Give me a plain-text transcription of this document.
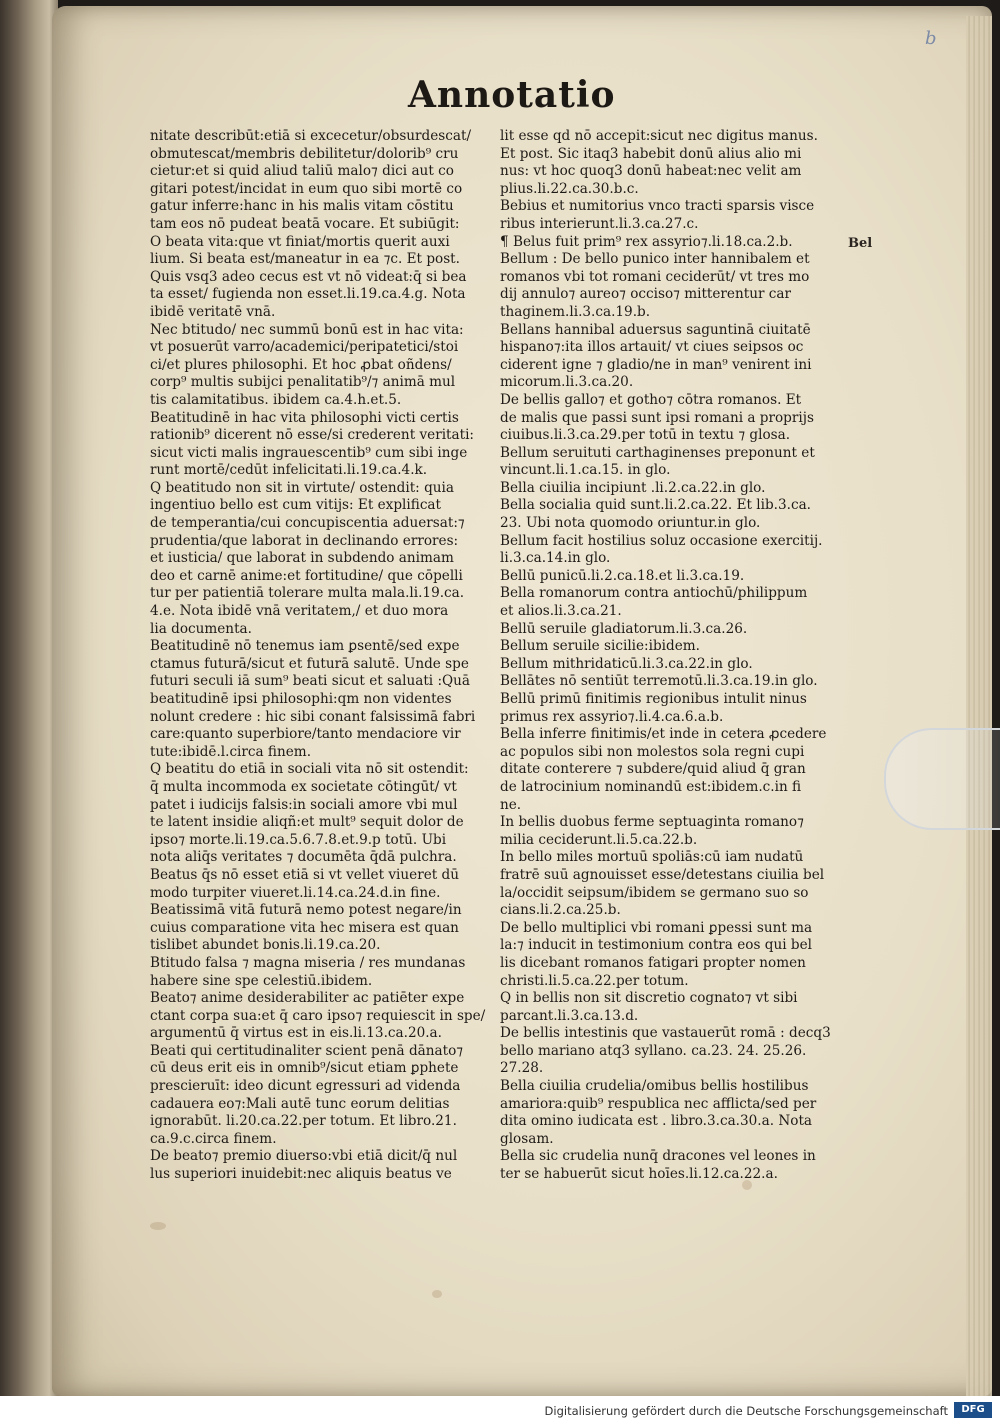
b
Annotatio
nitate describūt:etiā si excecetur/obsurdescat/
obmutescat/membris debilitetur/dolorib⁹ cru
cietur:et si quid aliud taliū malo⁊ dici aut co
gitari potest/incidat in eum quo sibi mortē co
gatur inferre:hanc in his malis vitam cōstitu
tam eos nō pudeat beatā vocare. Et subiūgit:
O beata vita:que vt finiat/mortis querit auxi
lium. Si beata est/maneatur in ea ⁊c. Et post.
Quis vsq3 adeo cecus est vt nō videat:q̄ si bea
ta esset/ fugienda non esset.li.19.ca.4.g. Nota
ibidē veritatē vnā.
Nec btitudo/ nec summū bonū est in hac vita:
vt posuerūt varro/academici/peripatetici/stoi
ci/et plures philosophi. Et hoc ꝓbat oñdens/
corp⁹ multis subijci penalitatib⁹/⁊ animā mul
tis calamitatibus. ibidem ca.4.h.et.5.
Beatitudinē in hac vita philosophi victi certis
rationib⁹ dicerent nō esse/si crederent veritati:
sicut victi malis ingrauescentib⁹ cum sibi inge
runt mortē/cedūt infelicitati.li.19.ca.4.k.
Q beatitudo non sit in virtute/ ostendit: quia
ingentiuo bello est cum vitijs: Et explificat
de temperantia/cui concupiscentia aduersat:⁊
prudentia/que laborat in declinando errores:
et iusticia/ que laborat in subdendo animam
deo et carnē anime:et fortitudine/ que cōpelli
tur per patientiā tolerare multa mala.li.19.ca.
4.e. Nota ibidē vnā veritatem,/ et duo mora
lia documenta.
Beatitudinē nō tenemus iam ꝑsentē/sed expe
ctamus futurā/sicut et futurā salutē. Unde spe
futuri seculi iā sum⁹ beati sicut et saluati :Quā
beatitudinē ipsi philosophi:qm non videntes
nolunt credere : hic sibi conant falsissimā fabri
care:quanto superbiore/tanto mendaciore vir
tute:ibidē.l.circa finem.
Q beatitu do etiā in sociali vita nō sit ostendit:
q̄ multa incommoda ex societate cōtingūt/ vt
patet i iudicijs falsis:in sociali amore vbi mul
te latent insidie aliqñ:et mult⁹ sequit dolor de
ipso⁊ morte.li.19.ca.5.6.7.8.et.9.p totū. Ubi
nota aliq̄s veritates ⁊ documēta q̄dā pulchra.
Beatus q̄s nō esset etiā si vt vellet viueret dū
modo turpiter viueret.li.14.ca.24.d.in fine.
Beatissimā vitā futurā nemo potest negare/in
cuius comparatione vita hec misera est quan
tislibet abundet bonis.li.19.ca.20.
Btitudo falsa ⁊ magna miseria / res mundanas
habere sine spe celestiū.ibidem.
Beato⁊ anime desiderabiliter ac patiēter expe
ctant corpa sua:et q̄ caro ipso⁊ requiescit in spe/
argumentū q̄ virtus est in eis.li.13.ca.20.a.
Beati qui certitudinaliter scient penā dānato⁊
cū deus erit eis in omnib⁹/sicut etiam ꝑphete
prescieruīt: ideo dicunt egressuri ad videnda
cadauera eo⁊:Mali autē tunc eorum delitias
ignorabūt. li.20.ca.22.per totum. Et libro.21.
ca.9.c.circa finem.
De beato⁊ premio diuerso:vbi etiā dicit/q̄ nul
lus superiori inuidebit:nec aliquis beatus ve
lit esse qd nō accepit:sicut nec digitus manus.
Et post. Sic itaq3 habebit donū alius alio mi
nus: vt hoc quoq3 donū habeat:nec velit am
plius.li.22.ca.30.b.c.
Bebius et numitorius vnco tracti sparsis visce
ribus interierunt.li.3.ca.27.c.
¶ Belus fuit prim⁹ rex assyrio⁊.li.18.ca.2.b.
Bellum : De bello punico inter hannibalem et
romanos vbi tot romani ceciderūt/ vt tres mo
dij annulo⁊ aureo⁊ occiso⁊ mitterentur car
thaginem.li.3.ca.19.b.
Bellans hannibal aduersus saguntinā ciuitatē
hispano⁊:ita illos artauit/ vt ciues seipsos oc
ciderent igne ⁊ gladio/ne in man⁹ venirent ini
micorum.li.3.ca.20.
De bellis gallo⁊ et gotho⁊ cōtra romanos. Et
de malis que passi sunt ipsi romani a proprijs
ciuibus.li.3.ca.29.per totū in textu ⁊ glosa.
Bellum seruituti carthaginenses preponunt et
vincunt.li.1.ca.15. in glo.
Bella ciuilia incipiunt .li.2.ca.22.in glo.
Bella socialia quid sunt.li.2.ca.22. Et lib.3.ca.
23. Ubi nota quomodo oriuntur.in glo.
Bellum facit hostilius soluz occasione exercitij.
li.3.ca.14.in glo.
Bellū punicū.li.2.ca.18.et li.3.ca.19.
Bella romanorum contra antiochū/philippum
et alios.li.3.ca.21.
Bellū seruile gladiatorum.li.3.ca.26.
Bellum seruile sicilie:ibidem.
Bellum mithridaticū.li.3.ca.22.in glo.
Bellātes nō sentiūt terremotū.li.3.ca.19.in glo.
Bellū primū finitimis regionibus intulit ninus
primus rex assyrio⁊.li.4.ca.6.a.b.
Bella inferre finitimis/et inde in cetera ꝓcedere
ac populos sibi non molestos sola regni cupi
ditate conterere ⁊ subdere/quid aliud q̄ gran
de latrocinium nominandū est:ibidem.c.in fi
ne.
In bellis duobus ferme septuaginta romano⁊
milia ceciderunt.li.5.ca.22.b.
In bello miles mortuū spoliās:cū iam nudatū
fratrē suū agnouisset esse/detestans ciuilia bel
la/occidit seipsum/ibidem se germano suo so
cians.li.2.ca.25.b.
De bello multiplici vbi romani ꝑpessi sunt ma
la:⁊ inducit in testimonium contra eos qui bel
lis dicebant romanos fatigari propter nomen
christi.li.5.ca.22.per totum.
Q in bellis non sit discretio cognato⁊ vt sibi
parcant.li.3.ca.13.d.
De bellis intestinis que vastauerūt romā : decq3
bello mariano atq3 syllano. ca.23. 24. 25.26.
27.28.
Bella ciuilia crudelia/omibus bellis hostilibus
amariora:quib⁹ respublica nec afflicta/sed per
dita omino iudicata est . libro.3.ca.30.a. Nota
glosam.
Bella sic crudelia nunq̄ dracones vel leones in
ter se habuerūt sicut hoīes.li.12.ca.22.a.
Bel
Digitalisierung gefördert durch die Deutsche Forschungsgemeinschaft	DFG
